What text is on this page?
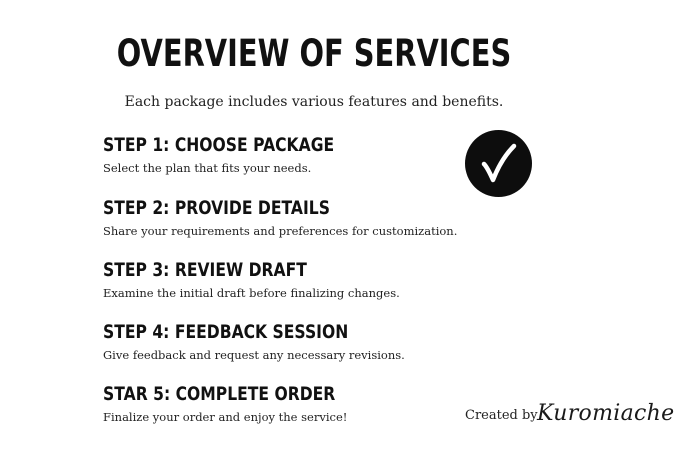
OVERVIEW OF SERVICES
Each package includes various features and benefits.
STEP 1: CHOOSE PACKAGE
Select the plan that fits your needs.
STEP 2: PROVIDE DETAILS
Share your requirements and preferences for customization.
STEP 3: REVIEW DRAFT
Examine the initial draft before finalizing changes.
STEP 4: FEEDBACK SESSION
Give feedback and request any necessary revisions.
STAR 5: COMPLETE ORDER
Finalize your order and enjoy the service!	Created by Kuromiache
